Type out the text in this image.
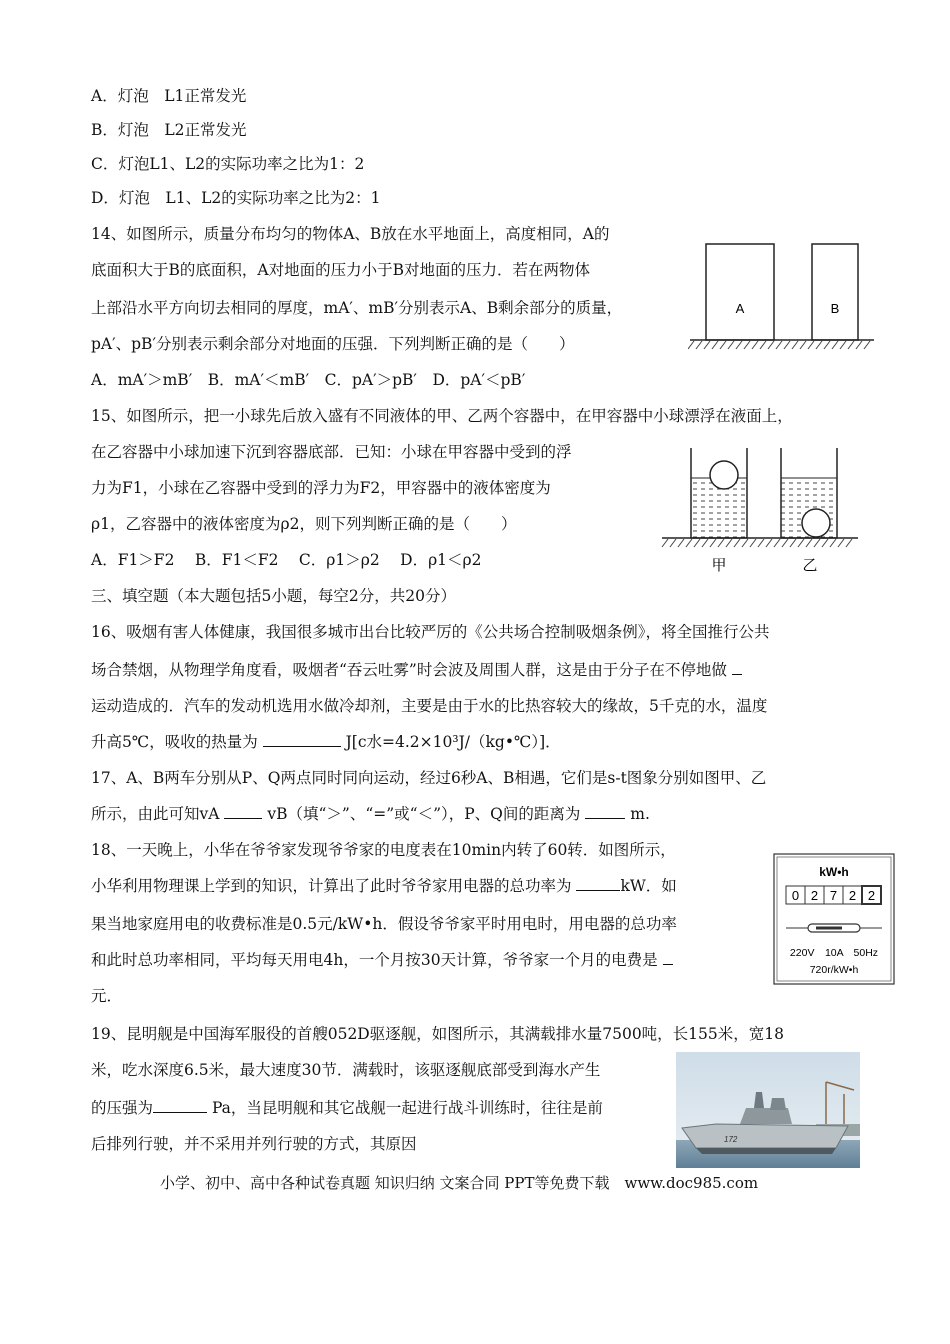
A．灯泡　L1正常发光
B．灯泡　L2正常发光
C．灯泡L1、L2的实际功率之比为1：2
D．灯泡　L1、L2的实际功率之比为2：1
14、如图所示，质量分布均匀的物体A、B放在水平地面上，高度相同，A的
底面积大于B的底面积，A对地面的压力小于B对地面的压力．若在两物体
上部沿水平方向切去相同的厚度，mA′、mB′分别表示A、B剩余部分的质量，
pA′、pB′分别表示剩余部分对地面的压强．下列判断正确的是（　　）
A．mA′＞mB′　B．mA′＜mB′　C．pA′＞pB′　D．pA′＜pB′
A	B
15、如图所示，把一小球先后放入盛有不同液体的甲、乙两个容器中，在甲容器中小球漂浮在液面上，
在乙容器中小球加速下沉到容器底部．已知：小球在甲容器中受到的浮
力为F1，小球在乙容器中受到的浮力为F2，甲容器中的液体密度为
ρ1，乙容器中的液体密度为ρ2，则下列判断正确的是（　　）
A．F1＞F2　 B．F1＜F2　 C．ρ1＞ρ2　 D．ρ1＜ρ2	甲	乙
三、填空题（本大题包括5小题，每空2分，共20分）
16、吸烟有害人体健康，我国很多城市出台比较严厉的《公共场合控制吸烟条例》，将全国推行公共
场合禁烟，从物理学角度看，吸烟者“吞云吐雾”时会波及周围人群，这是由于分子在不停地做
运动造成的．汽车的发动机选用水做冷却剂，主要是由于水的比热容较大的缘故，5千克的水，温度
升高5℃，吸收的热量为	J[c水=4.2×10³J/（kg•℃）]．
17、A、B两车分别从P、Q两点同时同向运动，经过6秒A、B相遇，它们是s-t图象分别如图甲、乙
所示，由此可知vA	vB（填“＞”、“=”或“＜”），P、Q间的距离为	m.
18、一天晚上，小华在爷爷家发现爷爷家的电度表在10min内转了60转．如图所示，
小华利用物理课上学到的知识，计算出了此时爷爷家用电器的总功率为	kW．如
果当地家庭用电的收费标准是0.5元/kW•h．假设爷爷家平时用电时，用电器的总功率
和此时总功率相同，平均每天用电4h，一个月按30天计算，爷爷家一个月的电费是
元．
kW•h
0 2 7 2 2
220V　10A　50Hz
720r/kW•h
19、昆明舰是中国海军服役的首艘052D驱逐舰，如图所示，其满载排水量7500吨，长155米，宽18
米，吃水深度6.5米，最大速度30节．满载时，该驱逐舰底部受到海水产生
的压强为	Pa，当昆明舰和其它战舰一起进行战斗训练时，往往是前
后排列行驶，并不采用并列行驶的方式，其原因	172
小学、初中、高中各种试卷真题 知识归纳 文案合同 PPT等免费下载　www.doc985.com
